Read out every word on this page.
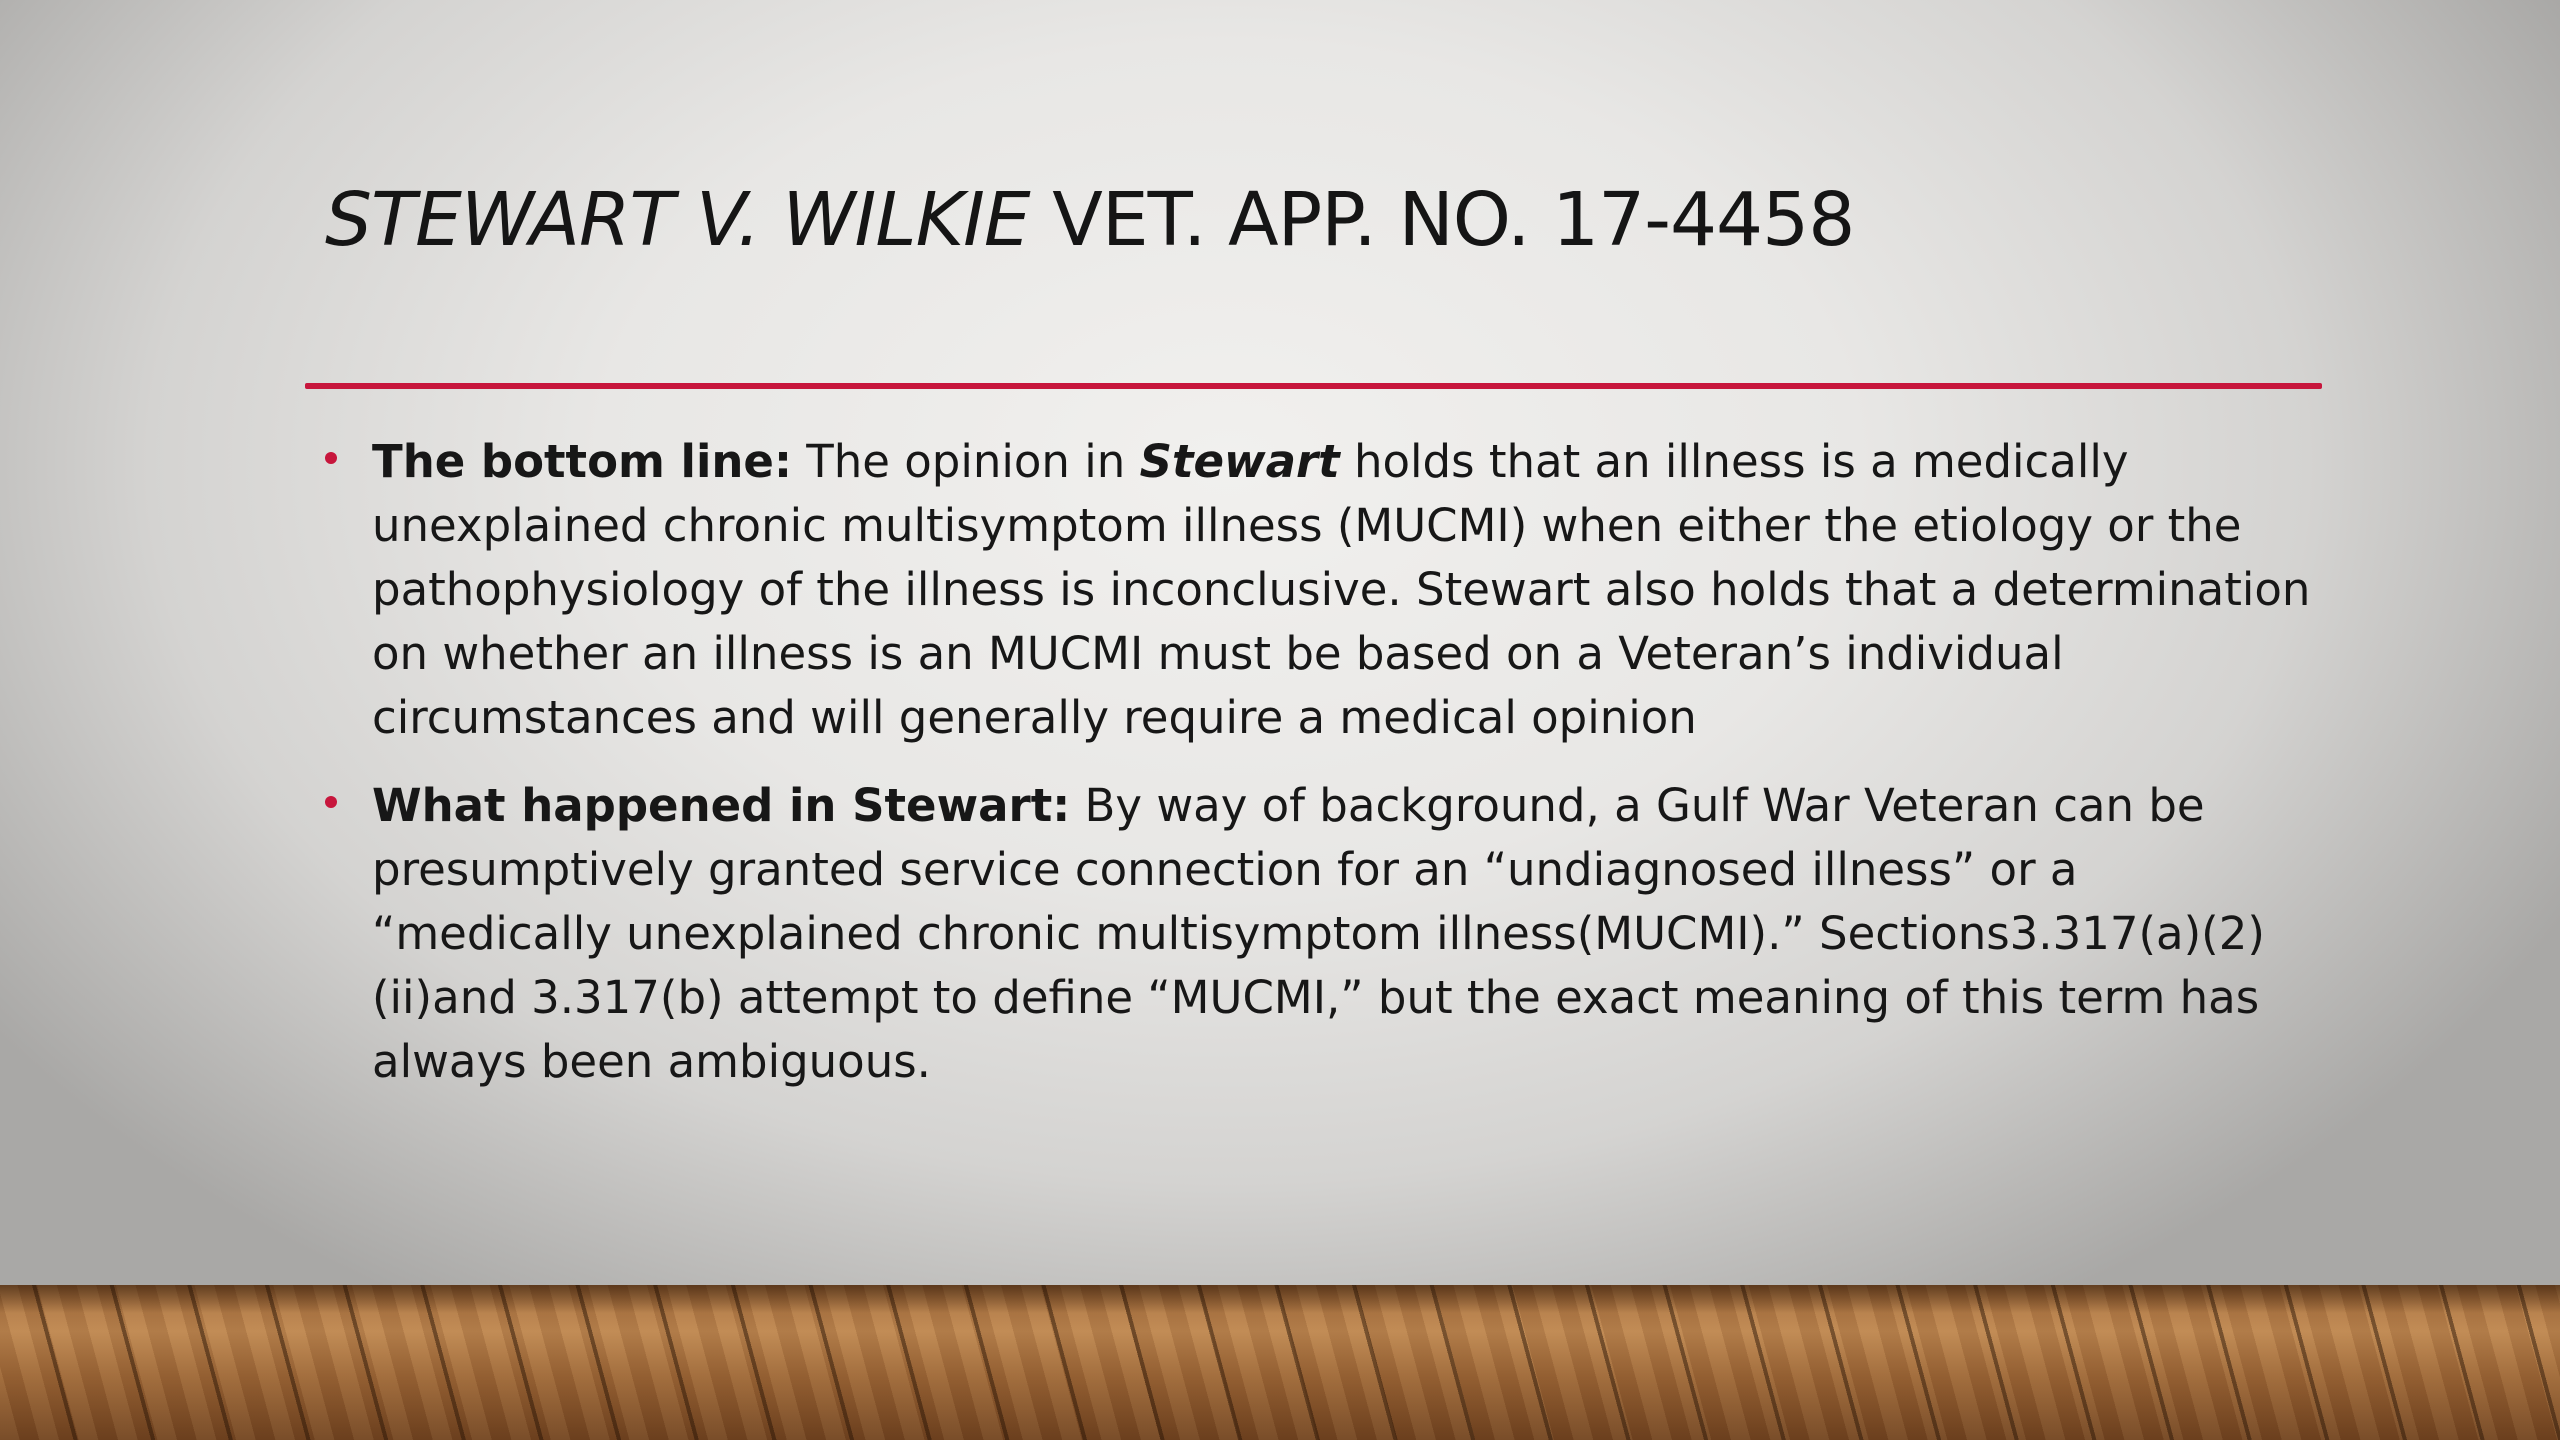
STEWART V. WILKIE VET. APP. NO. 17-4458
The bottom line: The opinion in Stewart holds that an illness is a medically unexplained chronic multisymptom illness (MUCMI) when either the etiology or the pathophysiology of the illness is inconclusive. Stewart also holds that a determination on whether an illness is an MUCMI must be based on a Veteran’s individual circumstances and will generally require a medical opinion
What happened in Stewart: By way of background, a Gulf War Veteran can be presumptively granted service connection for an “undiagnosed illness” or a “medically unexplained chronic multisymptom illness(MUCMI).” Sections3.317(a)(2)(ii)and 3.317(b) attempt to define “MUCMI,” but the exact meaning of this term has always been ambiguous.
